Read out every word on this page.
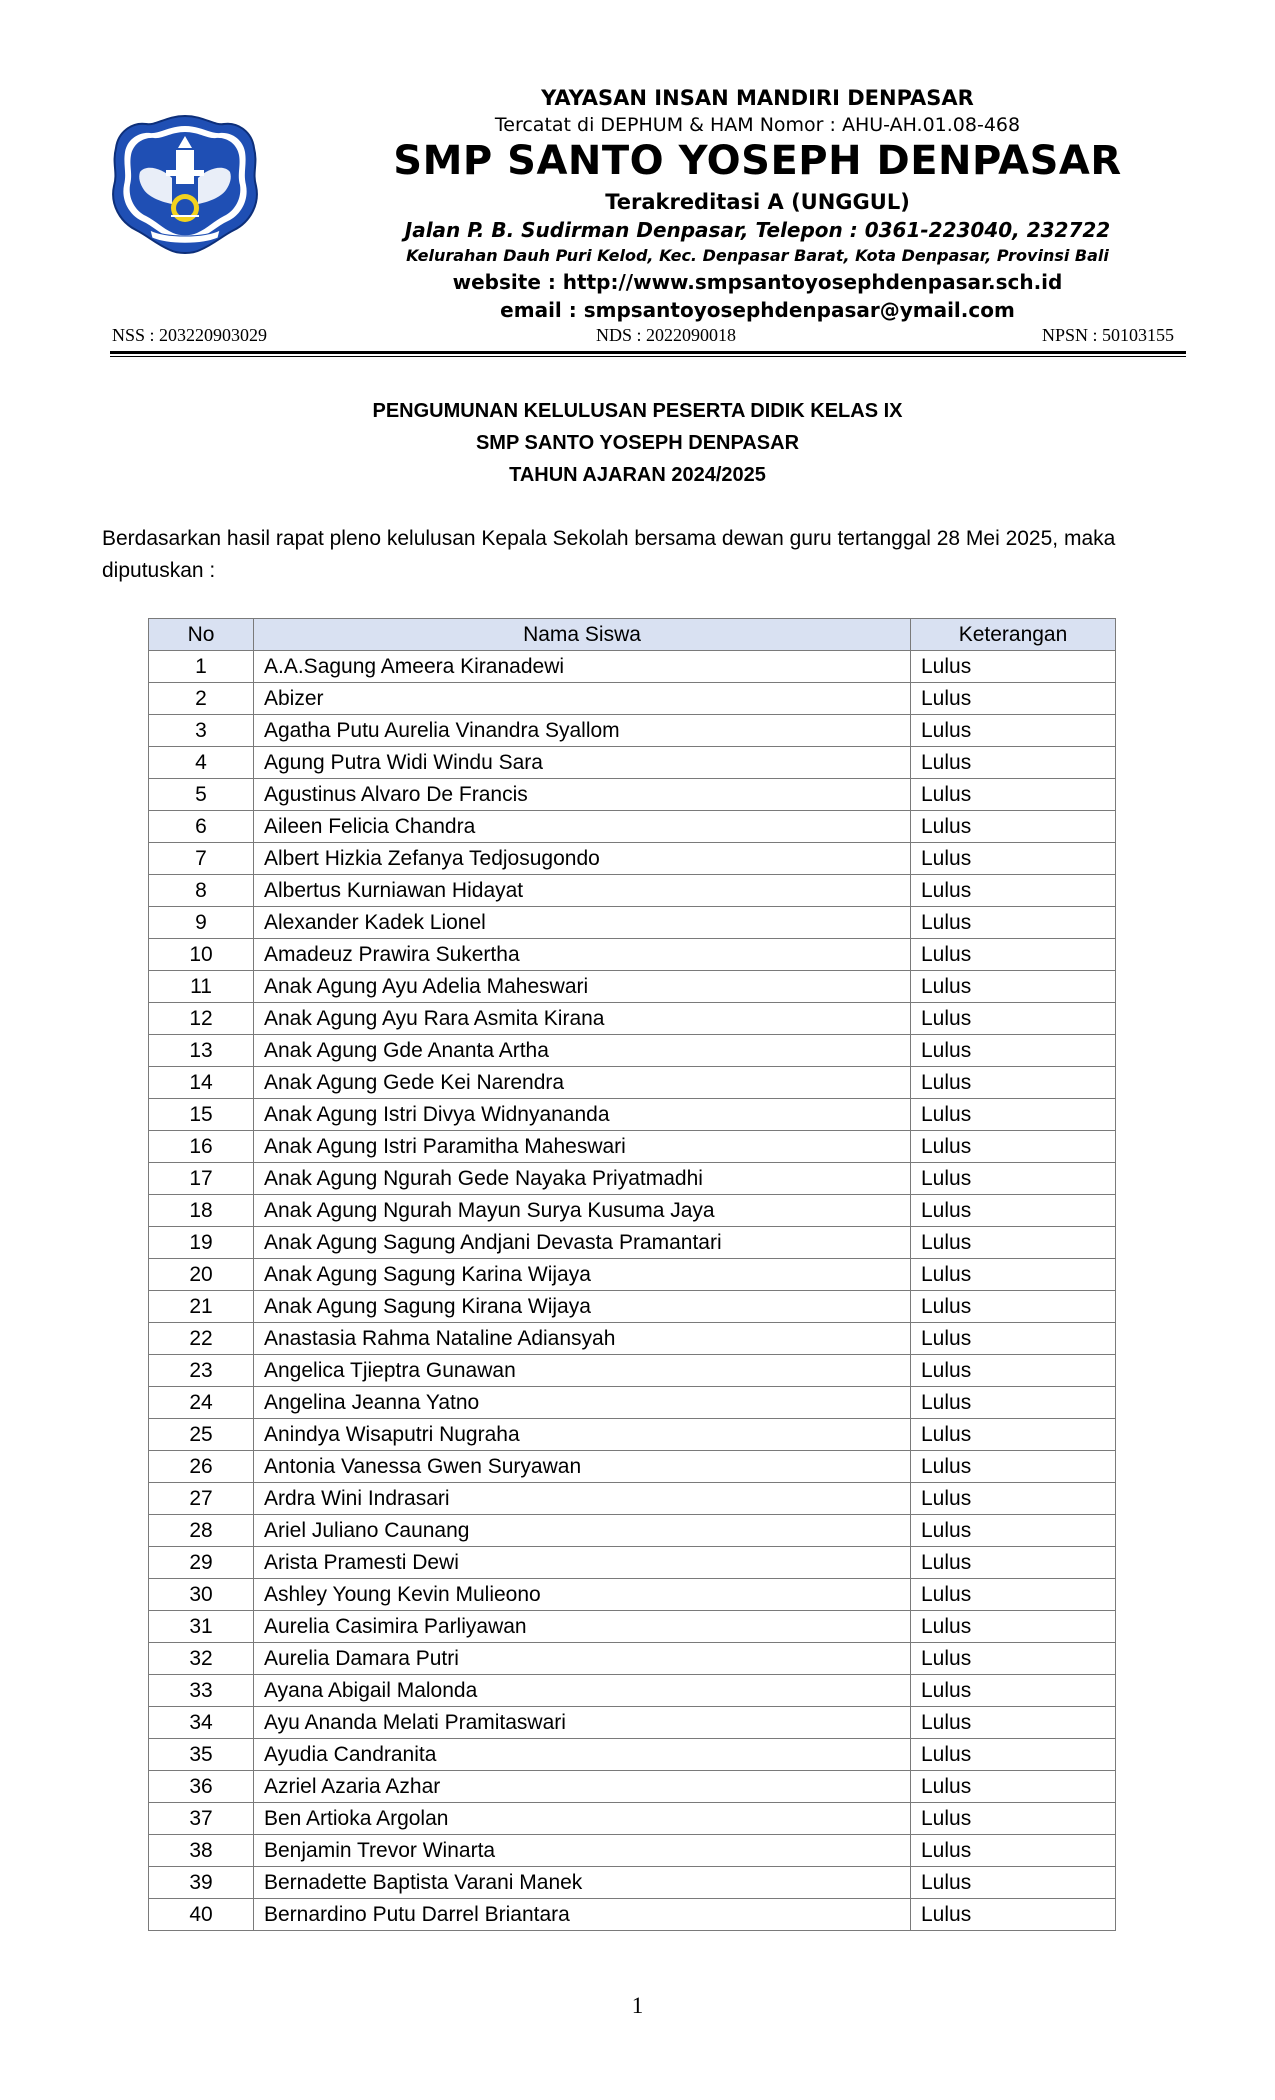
YAYASAN INSAN MANDIRI DENPASAR
Tercatat di DEPHUM & HAM Nomor : AHU-AH.01.08-468
SMP SANTO YOSEPH DENPASAR
Terakreditasi A (UNGGUL)
Jalan P. B. Sudirman Denpasar, Telepon : 0361-223040, 232722
Kelurahan Dauh Puri Kelod, Kec. Denpasar Barat, Kota Denpasar, Provinsi Bali
website : http://www.smpsantoyosephdenpasar.sch.id
email : smpsantoyosephdenpasar@ymail.com
NSS : 203220903029	NDS : 2022090018	NPSN : 50103155
PENGUMUNAN KELULUSAN PESERTA DIDIK KELAS IX
SMP SANTO YOSEPH DENPASAR
TAHUN AJARAN 2024/2025
Berdasarkan hasil rapat pleno kelulusan Kepala Sekolah bersama dewan guru tertanggal 28 Mei 2025, maka diputuskan :
No	Nama Siswa	Keterangan
1	A.A.Sagung Ameera Kiranadewi	Lulus
2	Abizer	Lulus
3	Agatha Putu Aurelia Vinandra Syallom	Lulus
4	Agung Putra Widi Windu Sara	Lulus
5	Agustinus Alvaro De Francis	Lulus
6	Aileen Felicia Chandra	Lulus
7	Albert Hizkia Zefanya Tedjosugondo	Lulus
8	Albertus Kurniawan Hidayat	Lulus
9	Alexander Kadek Lionel	Lulus
10	Amadeuz Prawira Sukertha	Lulus
11	Anak Agung Ayu Adelia Maheswari	Lulus
12	Anak Agung Ayu Rara Asmita Kirana	Lulus
13	Anak Agung Gde Ananta Artha	Lulus
14	Anak Agung Gede Kei Narendra	Lulus
15	Anak Agung Istri Divya Widnyananda	Lulus
16	Anak Agung Istri Paramitha Maheswari	Lulus
17	Anak Agung Ngurah Gede Nayaka Priyatmadhi	Lulus
18	Anak Agung Ngurah Mayun Surya Kusuma Jaya	Lulus
19	Anak Agung Sagung Andjani Devasta Pramantari	Lulus
20	Anak Agung Sagung Karina Wijaya	Lulus
21	Anak Agung Sagung Kirana Wijaya	Lulus
22	Anastasia Rahma Nataline Adiansyah	Lulus
23	Angelica Tjieptra Gunawan	Lulus
24	Angelina Jeanna Yatno	Lulus
25	Anindya Wisaputri Nugraha	Lulus
26	Antonia Vanessa Gwen Suryawan	Lulus
27	Ardra Wini Indrasari	Lulus
28	Ariel Juliano Caunang	Lulus
29	Arista Pramesti Dewi	Lulus
30	Ashley Young Kevin Mulieono	Lulus
31	Aurelia Casimira Parliyawan	Lulus
32	Aurelia Damara Putri	Lulus
33	Ayana Abigail Malonda	Lulus
34	Ayu Ananda Melati Pramitaswari	Lulus
35	Ayudia Candranita	Lulus
36	Azriel Azaria Azhar	Lulus
37	Ben Artioka Argolan	Lulus
38	Benjamin Trevor Winarta	Lulus
39	Bernadette Baptista Varani Manek	Lulus
40	Bernardino Putu Darrel Briantara	Lulus
1
